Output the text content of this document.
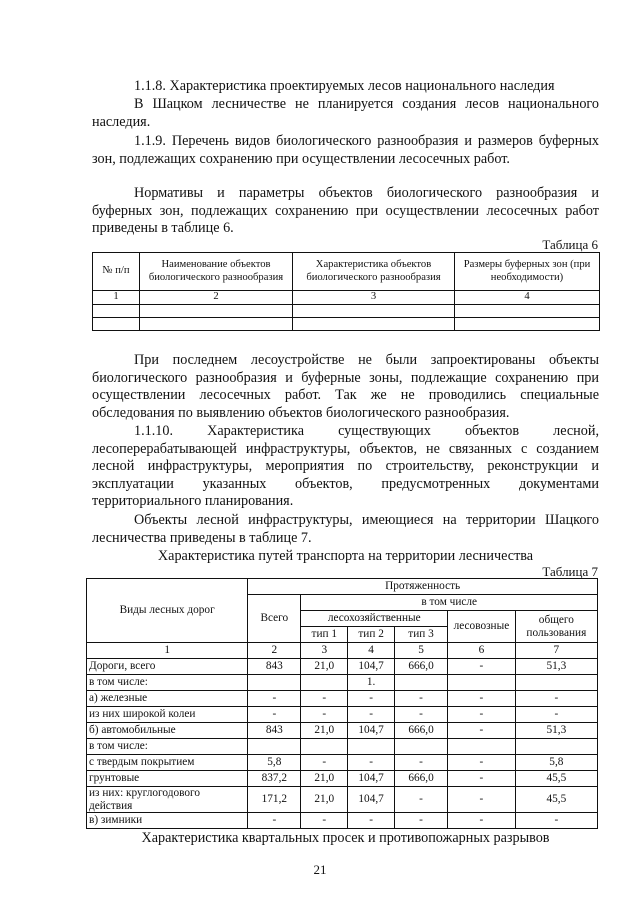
1.1.8. Характеристика проектируемых лесов национального наследия

В Шацком лесничестве не планируется создания лесов национального наследия.

1.1.9. Перечень видов биологического разнообразия и размеров буферных зон, подлежащих сохранению при осуществлении лесосечных работ.

Нормативы и параметры объектов биологического разнообразия и буферных зон, подлежащих сохранению при осуществлении лесосечных работ приведены в таблице 6.

Таблица 6
№ п/п	Наименование объектов биологического разнообразия	Характеристика объектов биологического разнообразия	Размеры буферных зон (при необходимости)
1	2	3	4

При последнем лесоустройстве не были запроектированы объекты биологического разнообразия и буферные зоны, подлежащие сохранению при осуществлении лесосечных работ. Так же не проводились специальные обследования по выявлению объектов биологического разнообразия.

1.1.10. Характеристика существующих объектов лесной, лесоперерабатывающей инфраструктуры, объектов, не связанных с созданием лесной инфраструктуры, мероприятия по строительству, реконструкции и эксплуатации указанных объектов, предусмотренных документами территориального планирования.

Объекты лесной инфраструктуры, имеющиеся на территории Шацкого лесничества приведены в таблице 7.

Характеристика путей транспорта на территории лесничества
Таблица 7
Виды лесных дорог	Протяженность					
	Всего	в том числе				
		лесохозяйственные			лесовозные	общего пользования
		тип 1	тип 2	тип 3		
1	2	3	4	5	6	7
Дороги, всего	843	21,0	104,7	666,0	-	51,3
в том числе:			1.			
а) железные	-	-	-	-	-	-
из них широкой колеи	-	-	-	-	-	-
б) автомобильные	843	21,0	104,7	666,0	-	51,3
в том числе:						
с твердым покрытием	5,8	-	-	-	-	5,8
грунтовые	837,2	21,0	104,7	666,0	-	45,5
из них: круглогодового действия	171,2	21,0	104,7	-	-	45,5
в) зимники	-	-	-	-	-	-
Характеристика квартальных просек и противопожарных разрывов
21
